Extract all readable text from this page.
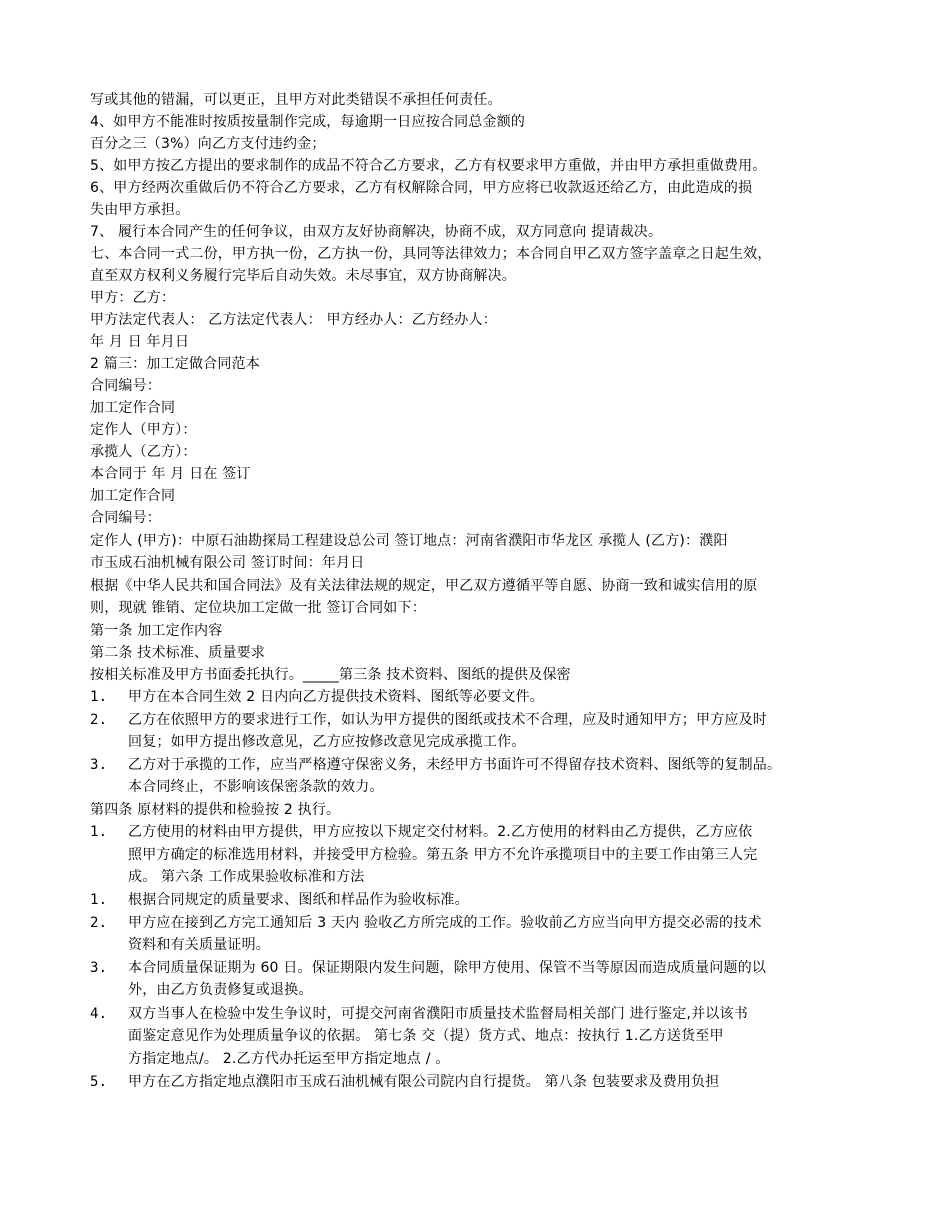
写或其他的错漏，可以更正，且甲方对此类错误不承担任何责任。
4、如甲方不能准时按质按量制作完成，每逾期一日应按合同总金额的
百分之三（3%）向乙方支付违约金；
5、如甲方按乙方提出的要求制作的成品不符合乙方要求，乙方有权要求甲方重做，并由甲方承担重做费用。
6、甲方经两次重做后仍不符合乙方要求，乙方有权解除合同，甲方应将已收款返还给乙方，由此造成的损
失由甲方承担。
7、 履行本合同产生的任何争议，由双方友好协商解决，协商不成，双方同意向 提请裁决。
七、本合同一式二份，甲方执一份，乙方执一份，具同等法律效力；本合同自甲乙双方签字盖章之日起生效，
直至双方权利义务履行完毕后自动失效。未尽事宜，双方协商解决。
甲方：乙方：
甲方法定代表人： 乙方法定代表人： 甲方经办人：乙方经办人：
年 月 日 年月日
2 篇三：加工定做合同范本
合同编号：
加工定作合同
定作人（甲方）：
承揽人（乙方）：
本合同于 年 月 日在 签订
加工定作合同
合同编号：
定作人 (甲方)：中原石油勘探局工程建设总公司 签订地点：河南省濮阳市华龙区 承揽人 (乙方)：濮阳
市玉成石油机械有限公司 签订时间：年月日
根据《中华人民共和国合同法》及有关法律法规的规定，甲乙双方遵循平等自愿、协商一致和诚实信用的原
则，现就 锥销、定位块加工定做一批 签订合同如下：
第一条 加工定作内容
第二条 技术标准、质量要求
按相关标准及甲方书面委托执行。_____第三条 技术资料、图纸的提供及保密
1. 甲方在本合同生效 2 日内向乙方提供技术资料、图纸等必要文件。
2. 乙方在依照甲方的要求进行工作，如认为甲方提供的图纸或技术不合理，应及时通知甲方；甲方应及时
回复；如甲方提出修改意见，乙方应按修改意见完成承揽工作。
3. 乙方对于承揽的工作，应当严格遵守保密义务，未经甲方书面许可不得留存技术资料、图纸等的复制品。
本合同终止，不影响该保密条款的效力。
第四条 原材料的提供和检验按 2 执行。
1. 乙方使用的材料由甲方提供，甲方应按以下规定交付材料。2.乙方使用的材料由乙方提供，乙方应依
照甲方确定的标准选用材料，并接受甲方检验。第五条 甲方不允许承揽项目中的主要工作由第三人完
成。 第六条 工作成果验收标准和方法
1. 根据合同规定的质量要求、图纸和样品作为验收标准。
2. 甲方应在接到乙方完工通知后 3 天内 验收乙方所完成的工作。验收前乙方应当向甲方提交必需的技术
资料和有关质量证明。
3. 本合同质量保证期为 60 日。保证期限内发生问题，除甲方使用、保管不当等原因而造成质量问题的以
外，由乙方负责修复或退换。
4. 双方当事人在检验中发生争议时，可提交河南省濮阳市质量技术监督局相关部门 进行鉴定,并以该书
面鉴定意见作为处理质量争议的依据。 第七条 交（提）货方式、地点：按执行 1.乙方送货至甲
方指定地点/。 2.乙方代办托运至甲方指定地点 / 。
5. 甲方在乙方指定地点濮阳市玉成石油机械有限公司院内自行提货。 第八条 包装要求及费用负担
